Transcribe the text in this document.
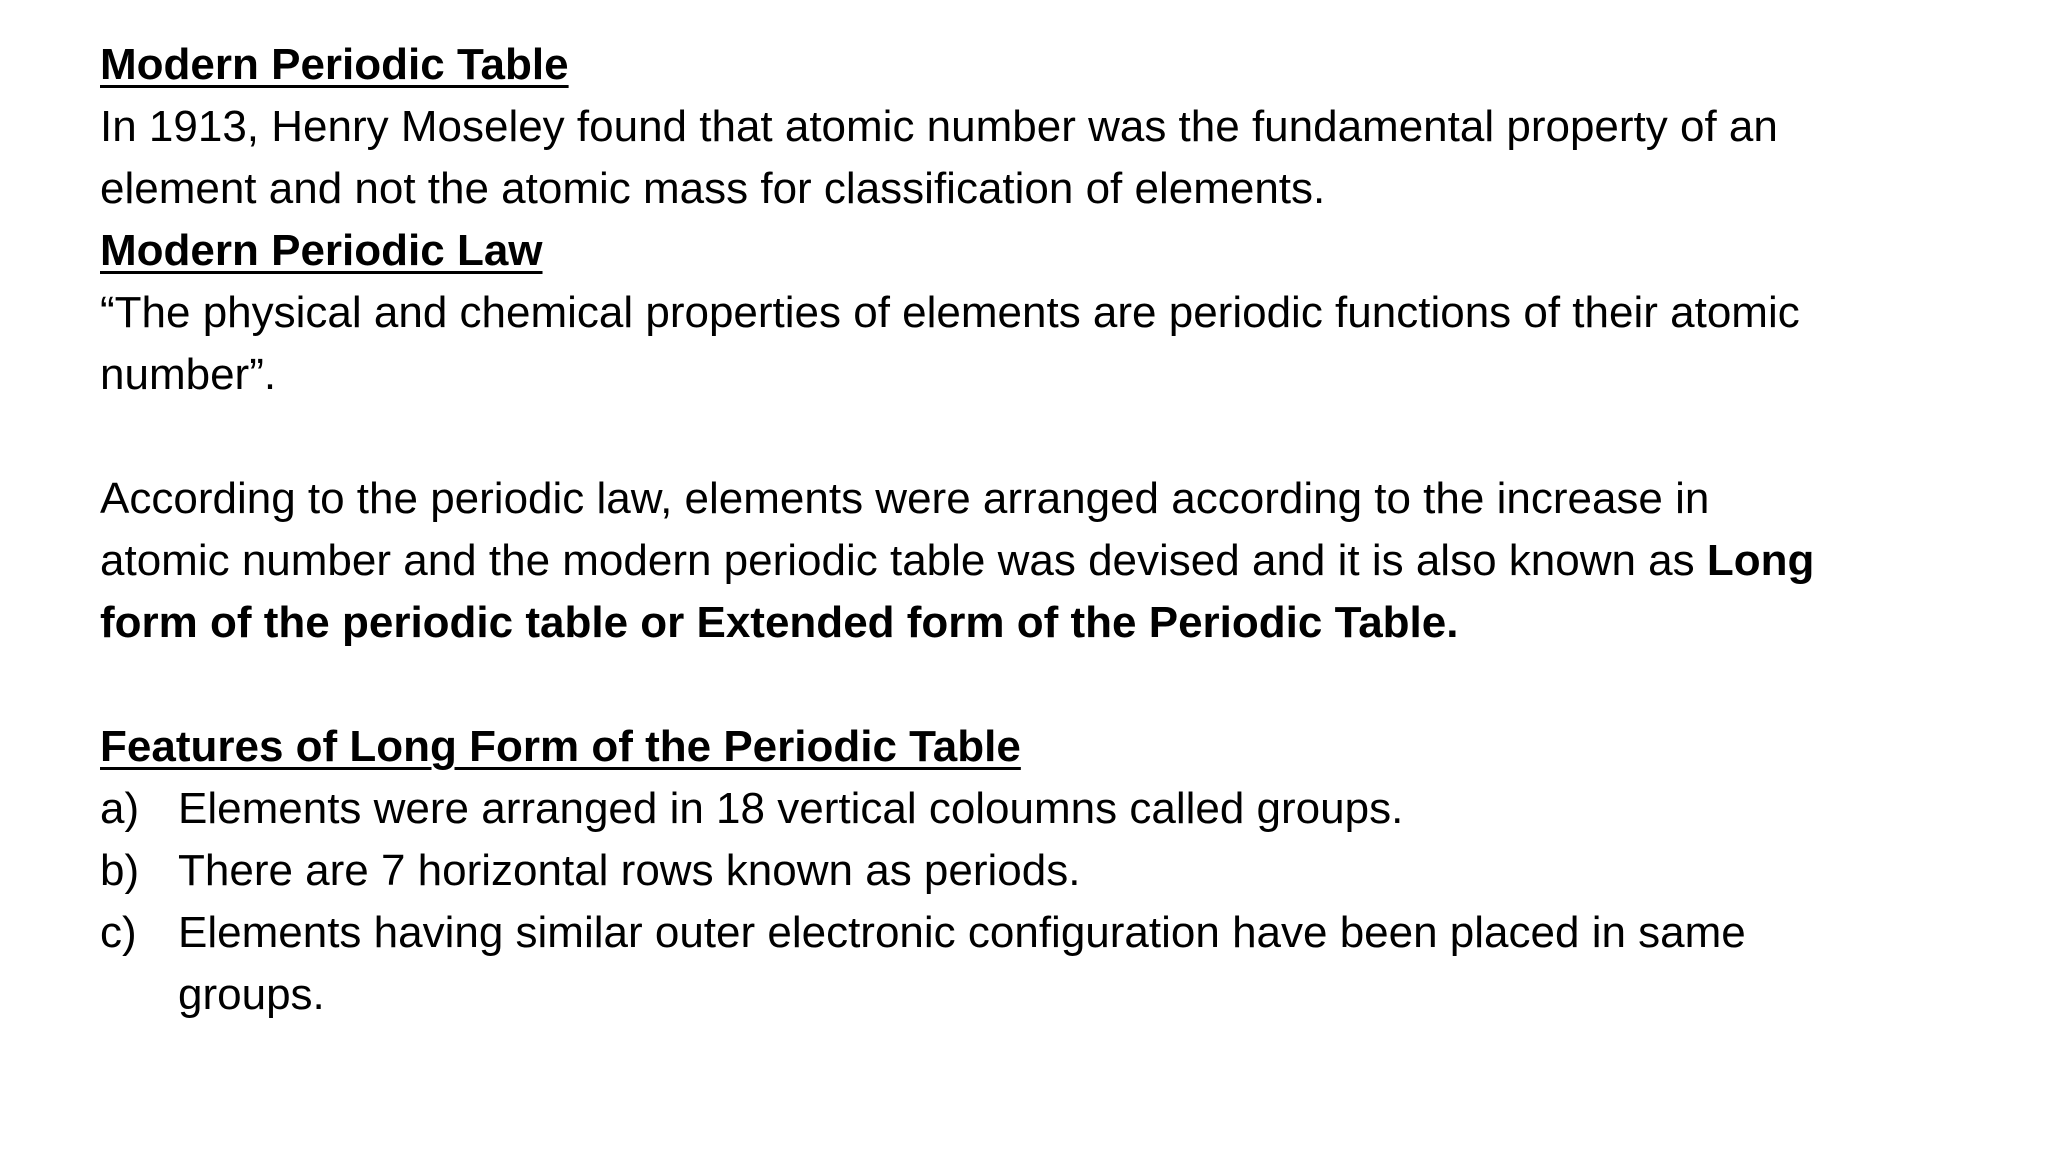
Modern Periodic Table
In 1913, Henry Moseley found that atomic number was the fundamental property of an
element and not the atomic mass for classification of elements.
Modern Periodic Law
“The physical and chemical properties of elements are periodic functions of their atomic
number”.
According to the periodic law, elements were arranged according to the increase in
atomic number and the modern periodic table was devised and it is also known as Long
form of the periodic table or Extended form of the Periodic Table.
Features of Long Form of the Periodic Table
a) Elements were arranged in 18 vertical coloumns called groups.
b) There are 7 horizontal rows known as periods.
c) Elements having similar outer electronic configuration have been placed in same
groups.
